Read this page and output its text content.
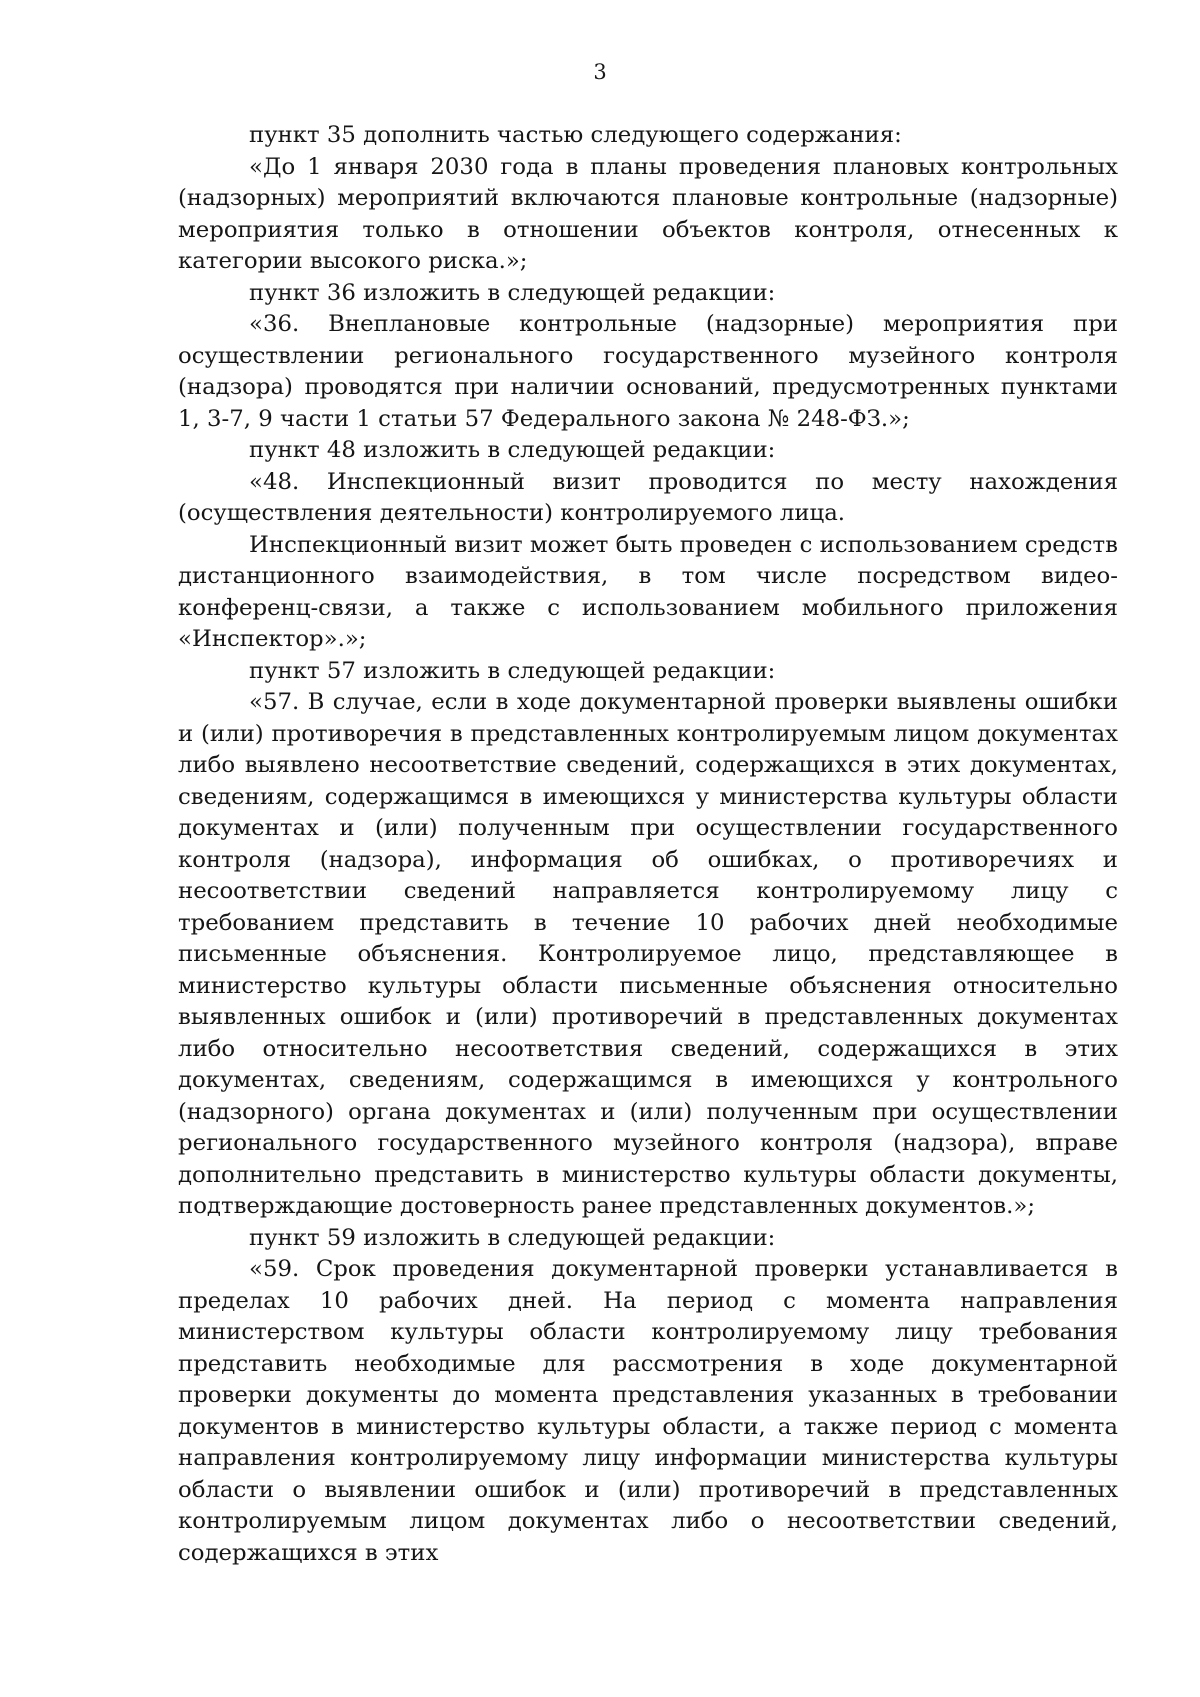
3

пункт 35 дополнить частью следующего содержания:

«До 1 января 2030 года в планы проведения плановых контрольных (надзорных) мероприятий включаются плановые контрольные (надзорные) мероприятия только в отношении объектов контроля, отнесенных к категории высокого риска.»;

пункт 36 изложить в следующей редакции:

«36. Внеплановые контрольные (надзорные) мероприятия при осуществлении регионального государственного музейного контроля (надзора) проводятся при наличии оснований, предусмотренных пунктами 1, 3-7, 9 части 1 статьи 57 Федерального закона № 248-ФЗ.»;

пункт 48 изложить в следующей редакции:

«48. Инспекционный визит проводится по месту нахождения (осуществления деятельности) контролируемого лица.

Инспекционный визит может быть проведен с использованием средств дистанционного взаимодействия, в том числе посредством видео-конференц-связи, а также с использованием мобильного приложения «Инспектор».»;

пункт 57 изложить в следующей редакции:

«57. В случае, если в ходе документарной проверки выявлены ошибки и (или) противоречия в представленных контролируемым лицом документах либо выявлено несоответствие сведений, содержащихся в этих документах, сведениям, содержащимся в имеющихся у министерства культуры области документах и (или) полученным при осуществлении государственного контроля (надзора), информация об ошибках, о противоречиях и несоответствии сведений направляется контролируемому лицу с требованием представить в течение 10 рабочих дней необходимые письменные объяснения. Контролируемое лицо, представляющее в министерство культуры области письменные объяснения относительно выявленных ошибок и (или) противоречий в представленных документах либо относительно несоответствия сведений, содержащихся в этих документах, сведениям, содержащимся в имеющихся у контрольного (надзорного) органа документах и (или) полученным при осуществлении регионального государственного музейного контроля (надзора), вправе дополнительно представить в министерство культуры области документы, подтверждающие достоверность ранее представленных документов.»;

пункт 59 изложить в следующей редакции:

«59. Срок проведения документарной проверки устанавливается в пределах 10 рабочих дней. На период с момента направления министерством культуры области контролируемому лицу требования представить необходимые для рассмотрения в ходе документарной проверки документы до момента представления указанных в требовании документов в министерство культуры области, а также период с момента направления контролируемому лицу информации министерства культуры области о выявлении ошибок и (или) противоречий в представленных контролируемым лицом документах либо о несоответствии сведений, содержащихся в этих
